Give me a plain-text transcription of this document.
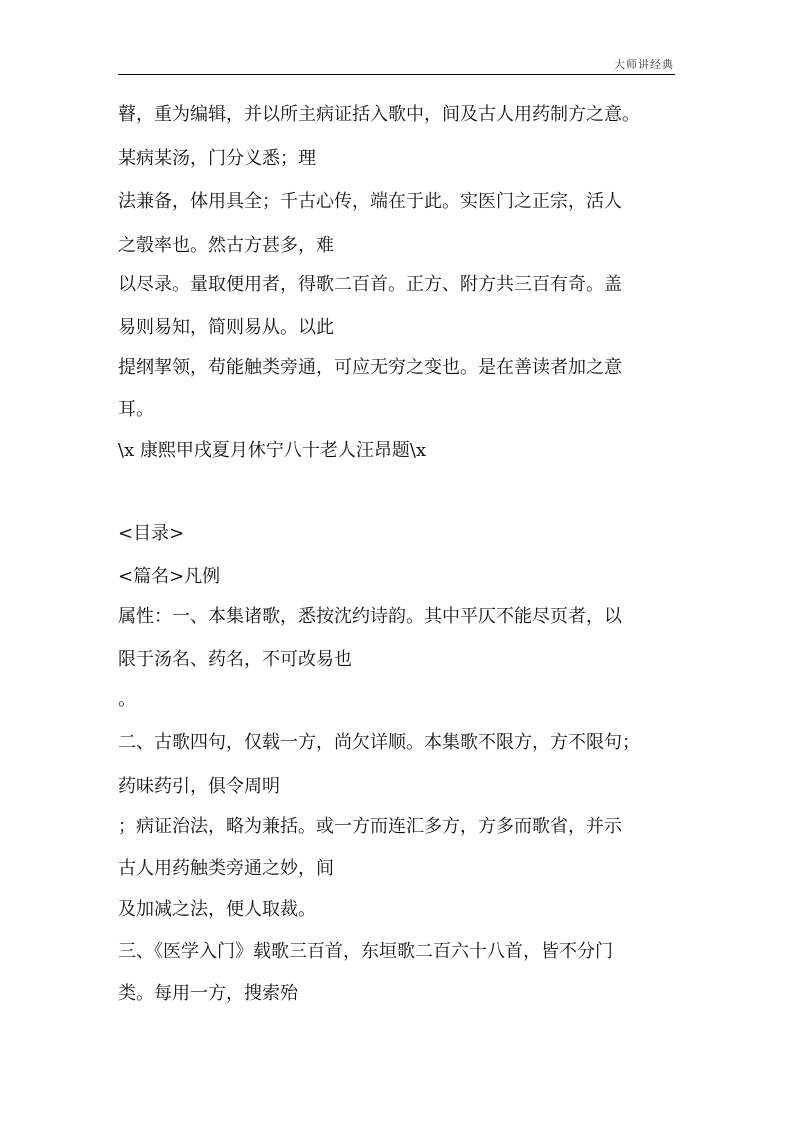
大师讲经典
瞽，重为编辑，并以所主病证括入歌中，间及古人用药制方之意。
某病某汤，门分义悉；理
法兼备，体用具全；千古心传，端在于此。实医门之正宗，活人
之彀率也。然古方甚多，难
以尽录。量取便用者，得歌二百首。正方、附方共三百有奇。盖
易则易知，简则易从。以此
提纲挈领，苟能触类旁通，可应无穷之变也。是在善读者加之意
耳。
\x 康熙甲戌夏月休宁八十老人汪昂题\x
<目录>
<篇名>凡例
属性：一、本集诸歌，悉按沈约诗韵。其中平仄不能尽页者，以
限于汤名、药名，不可改易也
。
二、古歌四句，仅载一方，尚欠详顺。本集歌不限方，方不限句；
药味药引，俱令周明
；病证治法，略为兼括。或一方而连汇多方，方多而歌省，并示
古人用药触类旁通之妙，间
及加减之法，便人取裁。
三、《医学入门》载歌三百首，东垣歌二百六十八首，皆不分门
类。每用一方，搜索殆
